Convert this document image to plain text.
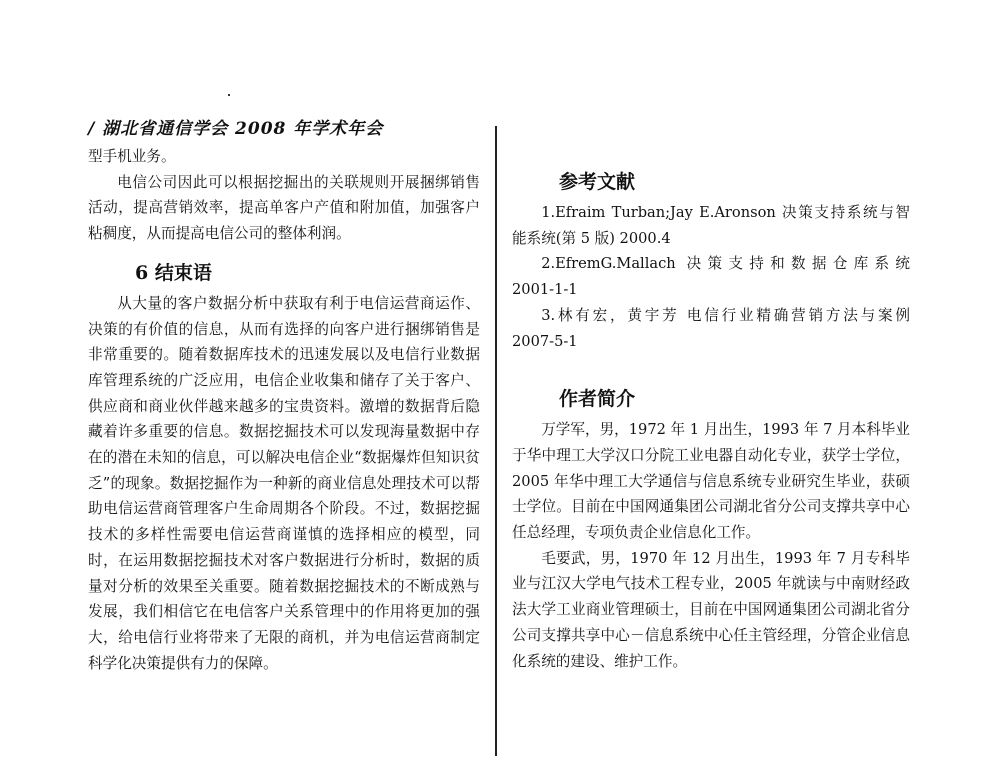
/ 湖北省通信学会 2008 年学术年会

型手机业务。

电信公司因此可以根据挖掘出的关联规则开展捆绑销售活动，提高营销效率，提高单客户产值和附加值，加强客户粘稠度，从而提高电信公司的整体利润。

6 结束语

从大量的客户数据分析中获取有利于电信运营商运作、决策的有价值的信息，从而有选择的向客户进行捆绑销售是非常重要的。随着数据库技术的迅速发展以及电信行业数据库管理系统的广泛应用，电信企业收集和储存了关于客户、供应商和商业伙伴越来越多的宝贵资料。激增的数据背后隐藏着许多重要的信息。数据挖掘技术可以发现海量数据中存在的潜在未知的信息，可以解决电信企业“数据爆炸但知识贫乏”的现象。数据挖掘作为一种新的商业信息处理技术可以帮助电信运营商管理客户生命周期各个阶段。不过，数据挖掘技术的多样性需要电信运营商谨慎的选择相应的模型，同时，在运用数据挖掘技术对客户数据进行分析时，数据的质量对分析的效果至关重要。随着数据挖掘技术的不断成熟与发展，我们相信它在电信客户关系管理中的作用将更加的强大，给电信行业将带来了无限的商机，并为电信运营商制定科学化决策提供有力的保障。

参考文献
1.Efraim Turban;Jay E.Aronson 决策支持系统与智
能系统(第 5 版) 2000.4
2.EfremG.Mallach 决策支持和数据仓库系统
2001-1-1
3.林有宏，黄宇芳 电信行业精确营销方法与案例
2007-5-1
作者简介

万学军，男，1972 年 1 月出生，1993 年 7 月本科毕业于华中理工大学汉口分院工业电器自动化专业，获学士学位，2005 年华中理工大学通信与信息系统专业研究生毕业，获硕士学位。目前在中国网通集团公司湖北省分公司支撑共享中心任总经理，专项负责企业信息化工作。

毛要武，男，1970 年 12 月出生，1993 年 7 月专科毕业与江汉大学电气技术工程专业，2005 年就读与中南财经政法大学工业商业管理硕士，目前在中国网通集团公司湖北省分公司支撑共享中心－信息系统中心任主管经理，分管企业信息化系统的建设、维护工作。
